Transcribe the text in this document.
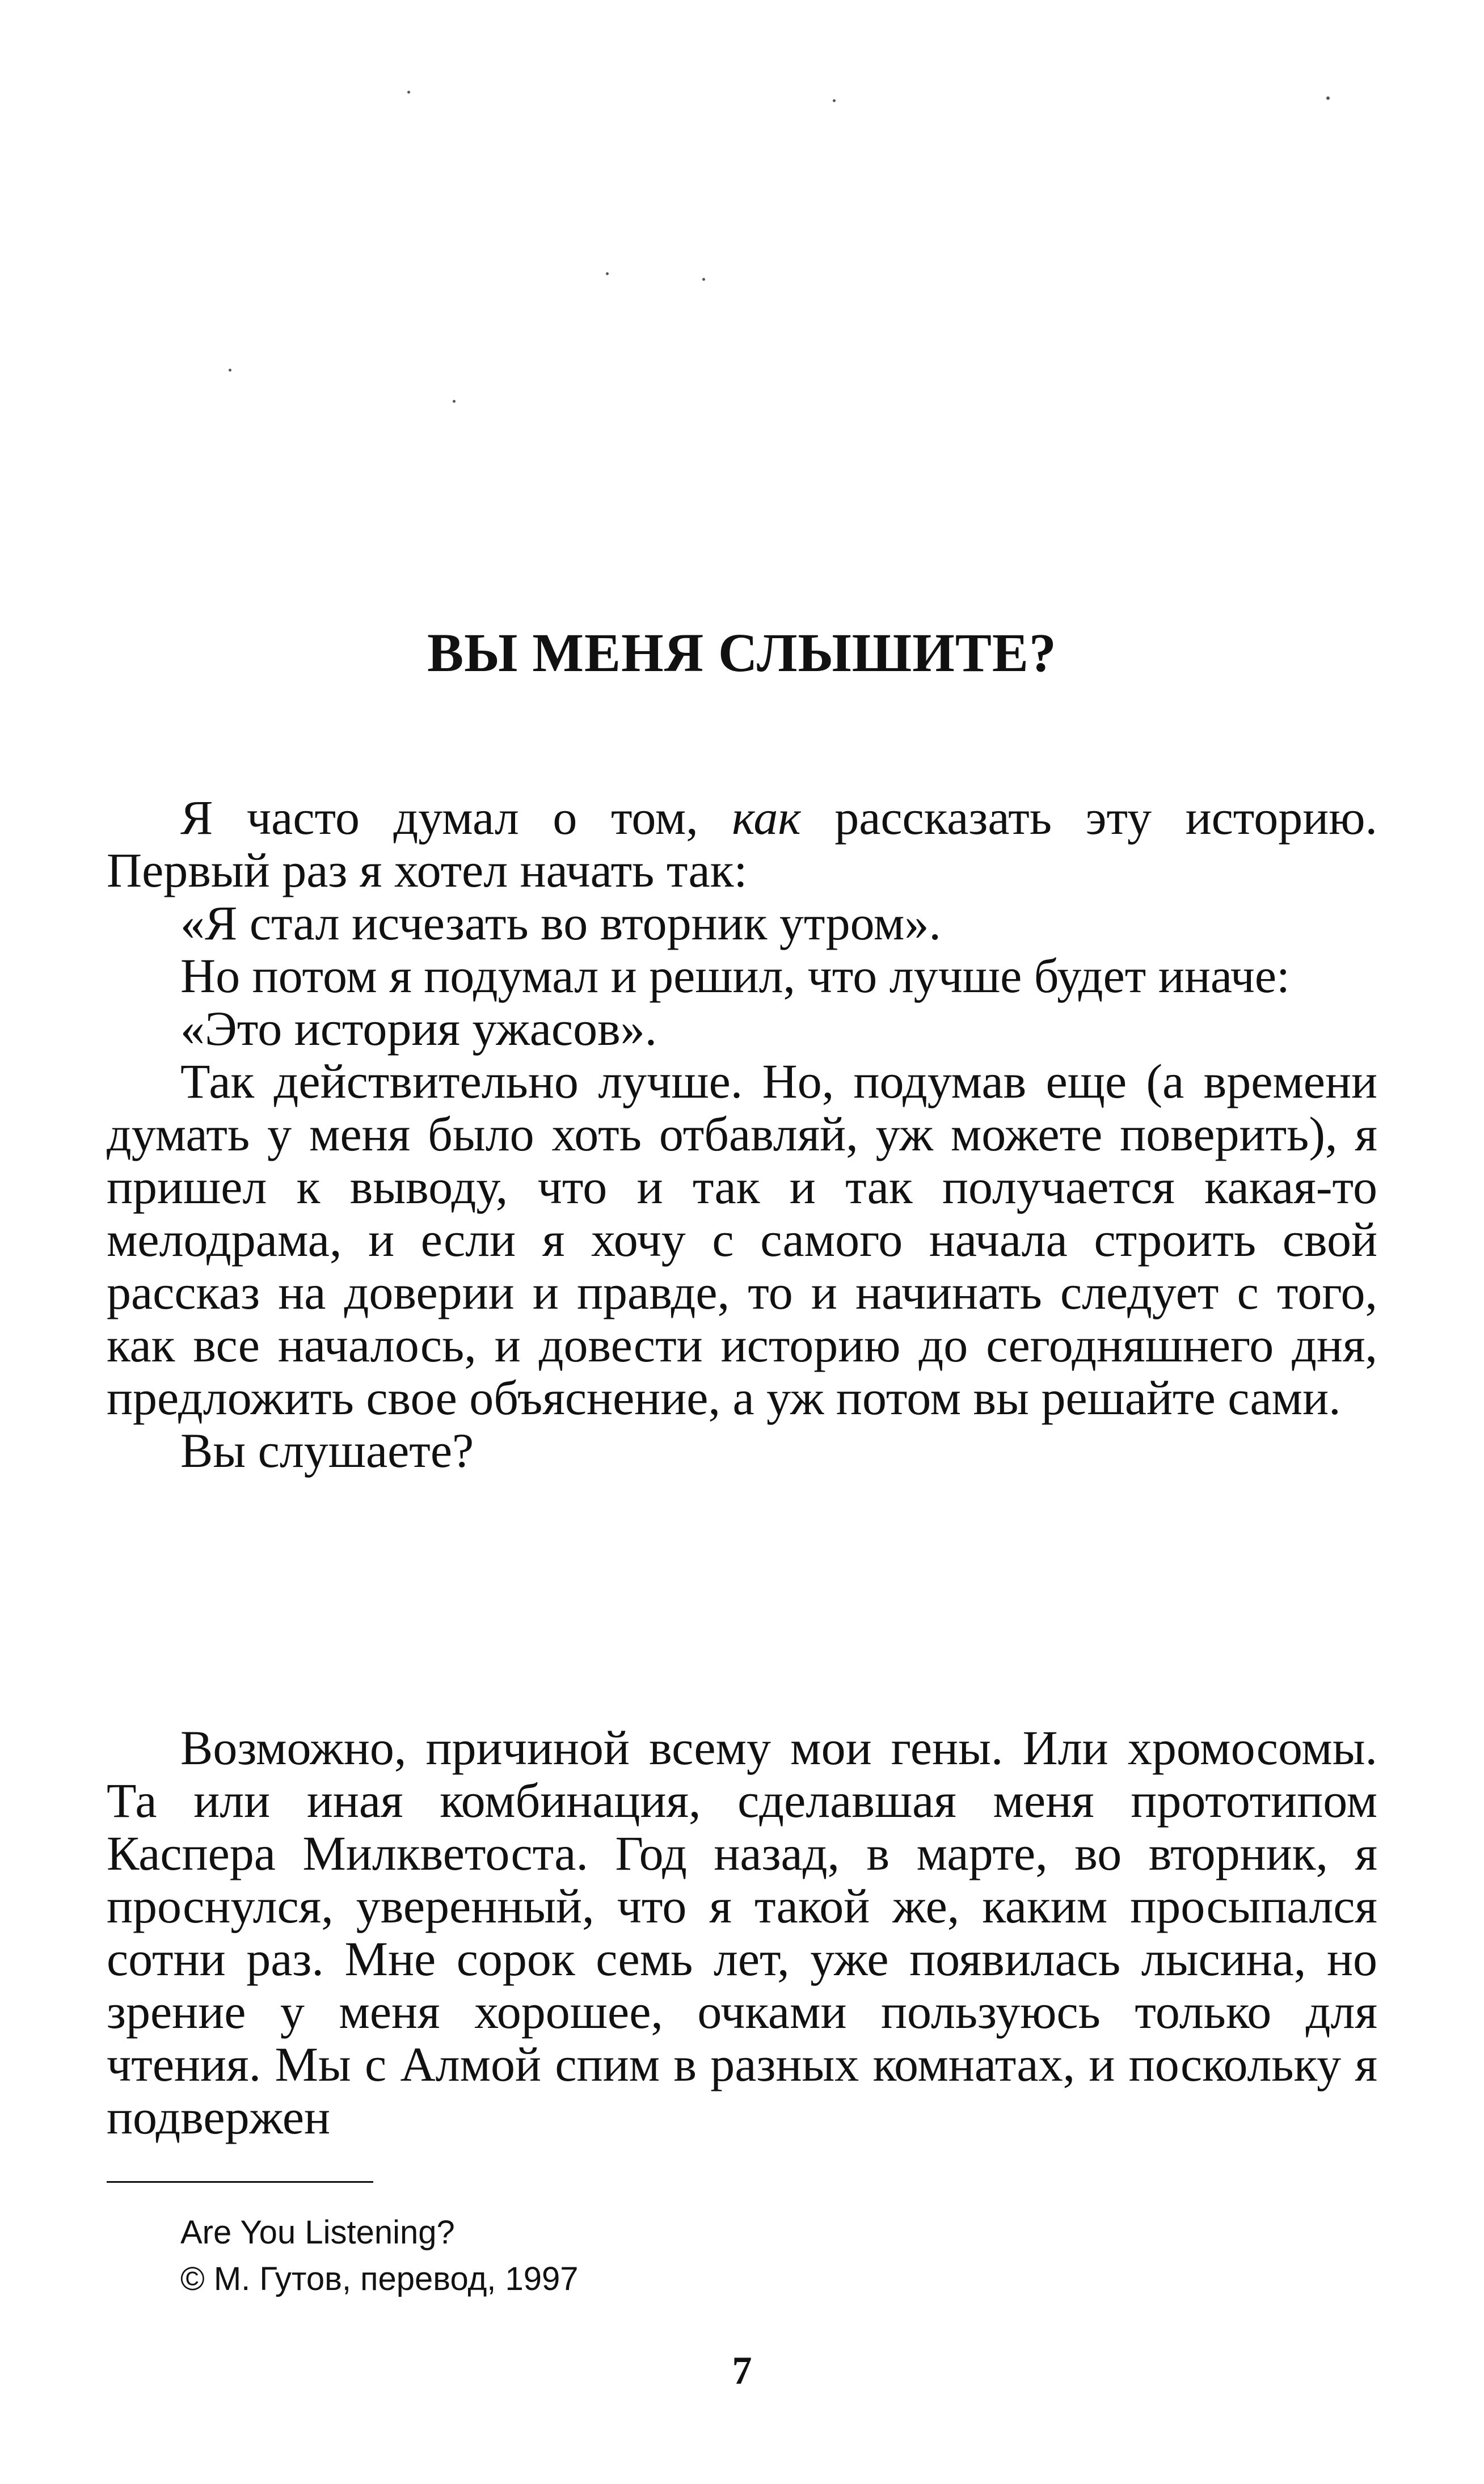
ВЫ МЕНЯ СЛЫШИТЕ?

Я часто думал о том, как рассказать эту историю. Первый раз я хотел начать так:

«Я стал исчезать во вторник утром».

Но потом я подумал и решил, что лучше будет иначе:

«Это история ужасов».

Так действительно лучше. Но, подумав еще (а времени думать у меня было хоть отбавляй, уж можете поверить), я пришел к выводу, что и так и так получается какая-то мелодрама, и если я хочу с самого начала строить свой рассказ на доверии и правде, то и начинать следует с того, как все началось, и довести историю до сегодняшнего дня, предложить свое объяснение, а уж потом вы решайте сами.

Вы слушаете?

Возможно, причиной всему мои гены. Или хромосомы. Та или иная комбинация, сделавшая меня прототипом Каспера Милкветоста. Год назад, в марте, во вторник, я проснулся, уверенный, что я такой же, каким просыпался сотни раз. Мне сорок семь лет, уже появилась лысина, но зрение у меня хорошее, очками пользуюсь только для чтения. Мы с Алмой спим в разных комнатах, и поскольку я подвержен

Are You Listening?
© М. Гутов, перевод, 1997
7
